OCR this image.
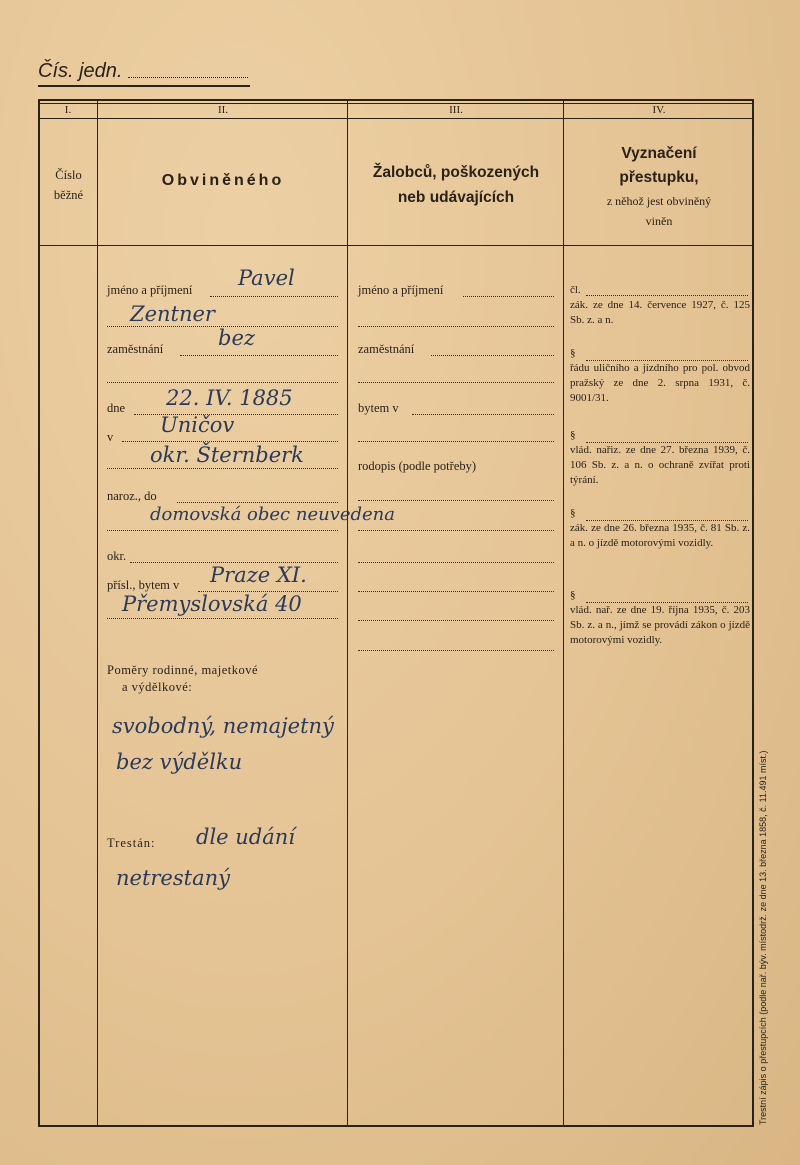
Čís. jedn.
I.	II.	III.	IV.
Číslo
běžné
Obviněného	Žalobců, poškozených
neb udávajících
Vyznačení
přestupku,
z něhož jest obviněný
viněn
jméno a příjmení Pavel
Zentner
zaměstnání	bez
dne 22. IV. 1885
v Uničov
okr. Šternberk
naroz., do
domovská obec neuvedena
okr.
přísl., bytem v Praze XI.
Přemyslovská 40
Poměry rodinné, majetkové
a výdělkové:
svobodný, nemajetný
bez výdělku
Trestán: dle udání
netrestaný
jméno a příjmení
zaměstnání
bytem v
rodopis (podle potřeby)
čl.
zák. ze dne 14. července 1927, č. 125 Sb. z. a n.
§
řádu uličního a jízdního pro pol. obvod pražský ze dne 2. srpna 1931, č. 9001/31.
§
vlád. nařiz. ze dne 27. března 1939, č. 106 Sb. z. a n. o ochraně zvířat proti týrání.
§
zák. ze dne 26. března 1935, č. 81 Sb. z. a n. o jízdě motorovými vozidly.
§
vlád. nař. ze dne 19. října 1935, č. 203 Sb. z. a n., jímž se provádí zákon o jízdě motorovými vozidly.
Trestní zápis o přestupcích (podle nař. býv. místodrž. ze dne 13. března 1858, č. 11.491 míst.)
